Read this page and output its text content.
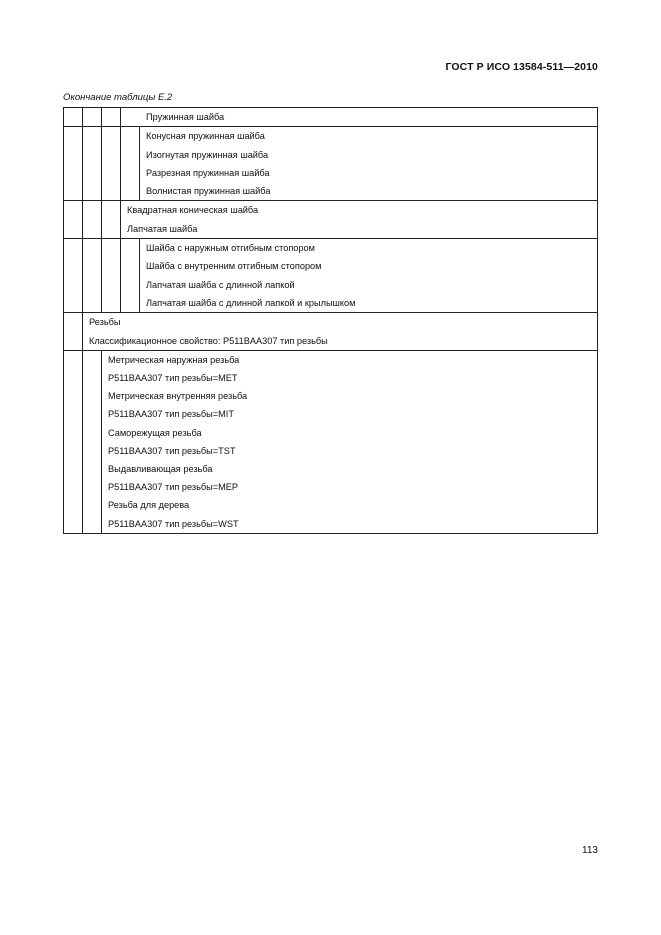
ГОСТ Р ИСО 13584-511—2010
Окончание таблицы Е.2
Пружинная шайба
Конусная пружинная шайба
Изогнутая пружинная шайба
Разрезная пружинная шайба
Волнистая пружинная шайба
Квадратная коническая шайба
Лапчатая шайба
Шайба с наружным отгибным стопором
Шайба с внутренним отгибным стопором
Лапчатая шайба с длинной лапкой
Лапчатая шайба с длинной лапкой и крылышком
Резьбы
Классификационное свойство: P511BAA307 тип резьбы
Метрическая наружная резьба
P511BAA307 тип резьбы=MET
Метрическая внутренняя резьба
P511BAA307 тип резьбы=MIT
Саморежущая резьба
P511BAA307 тип резьбы=TST
Выдавливающая резьба
P511BAA307 тип резьбы=MEP
Резьба для дерева
P511BAA307 тип резьбы=WST
113
